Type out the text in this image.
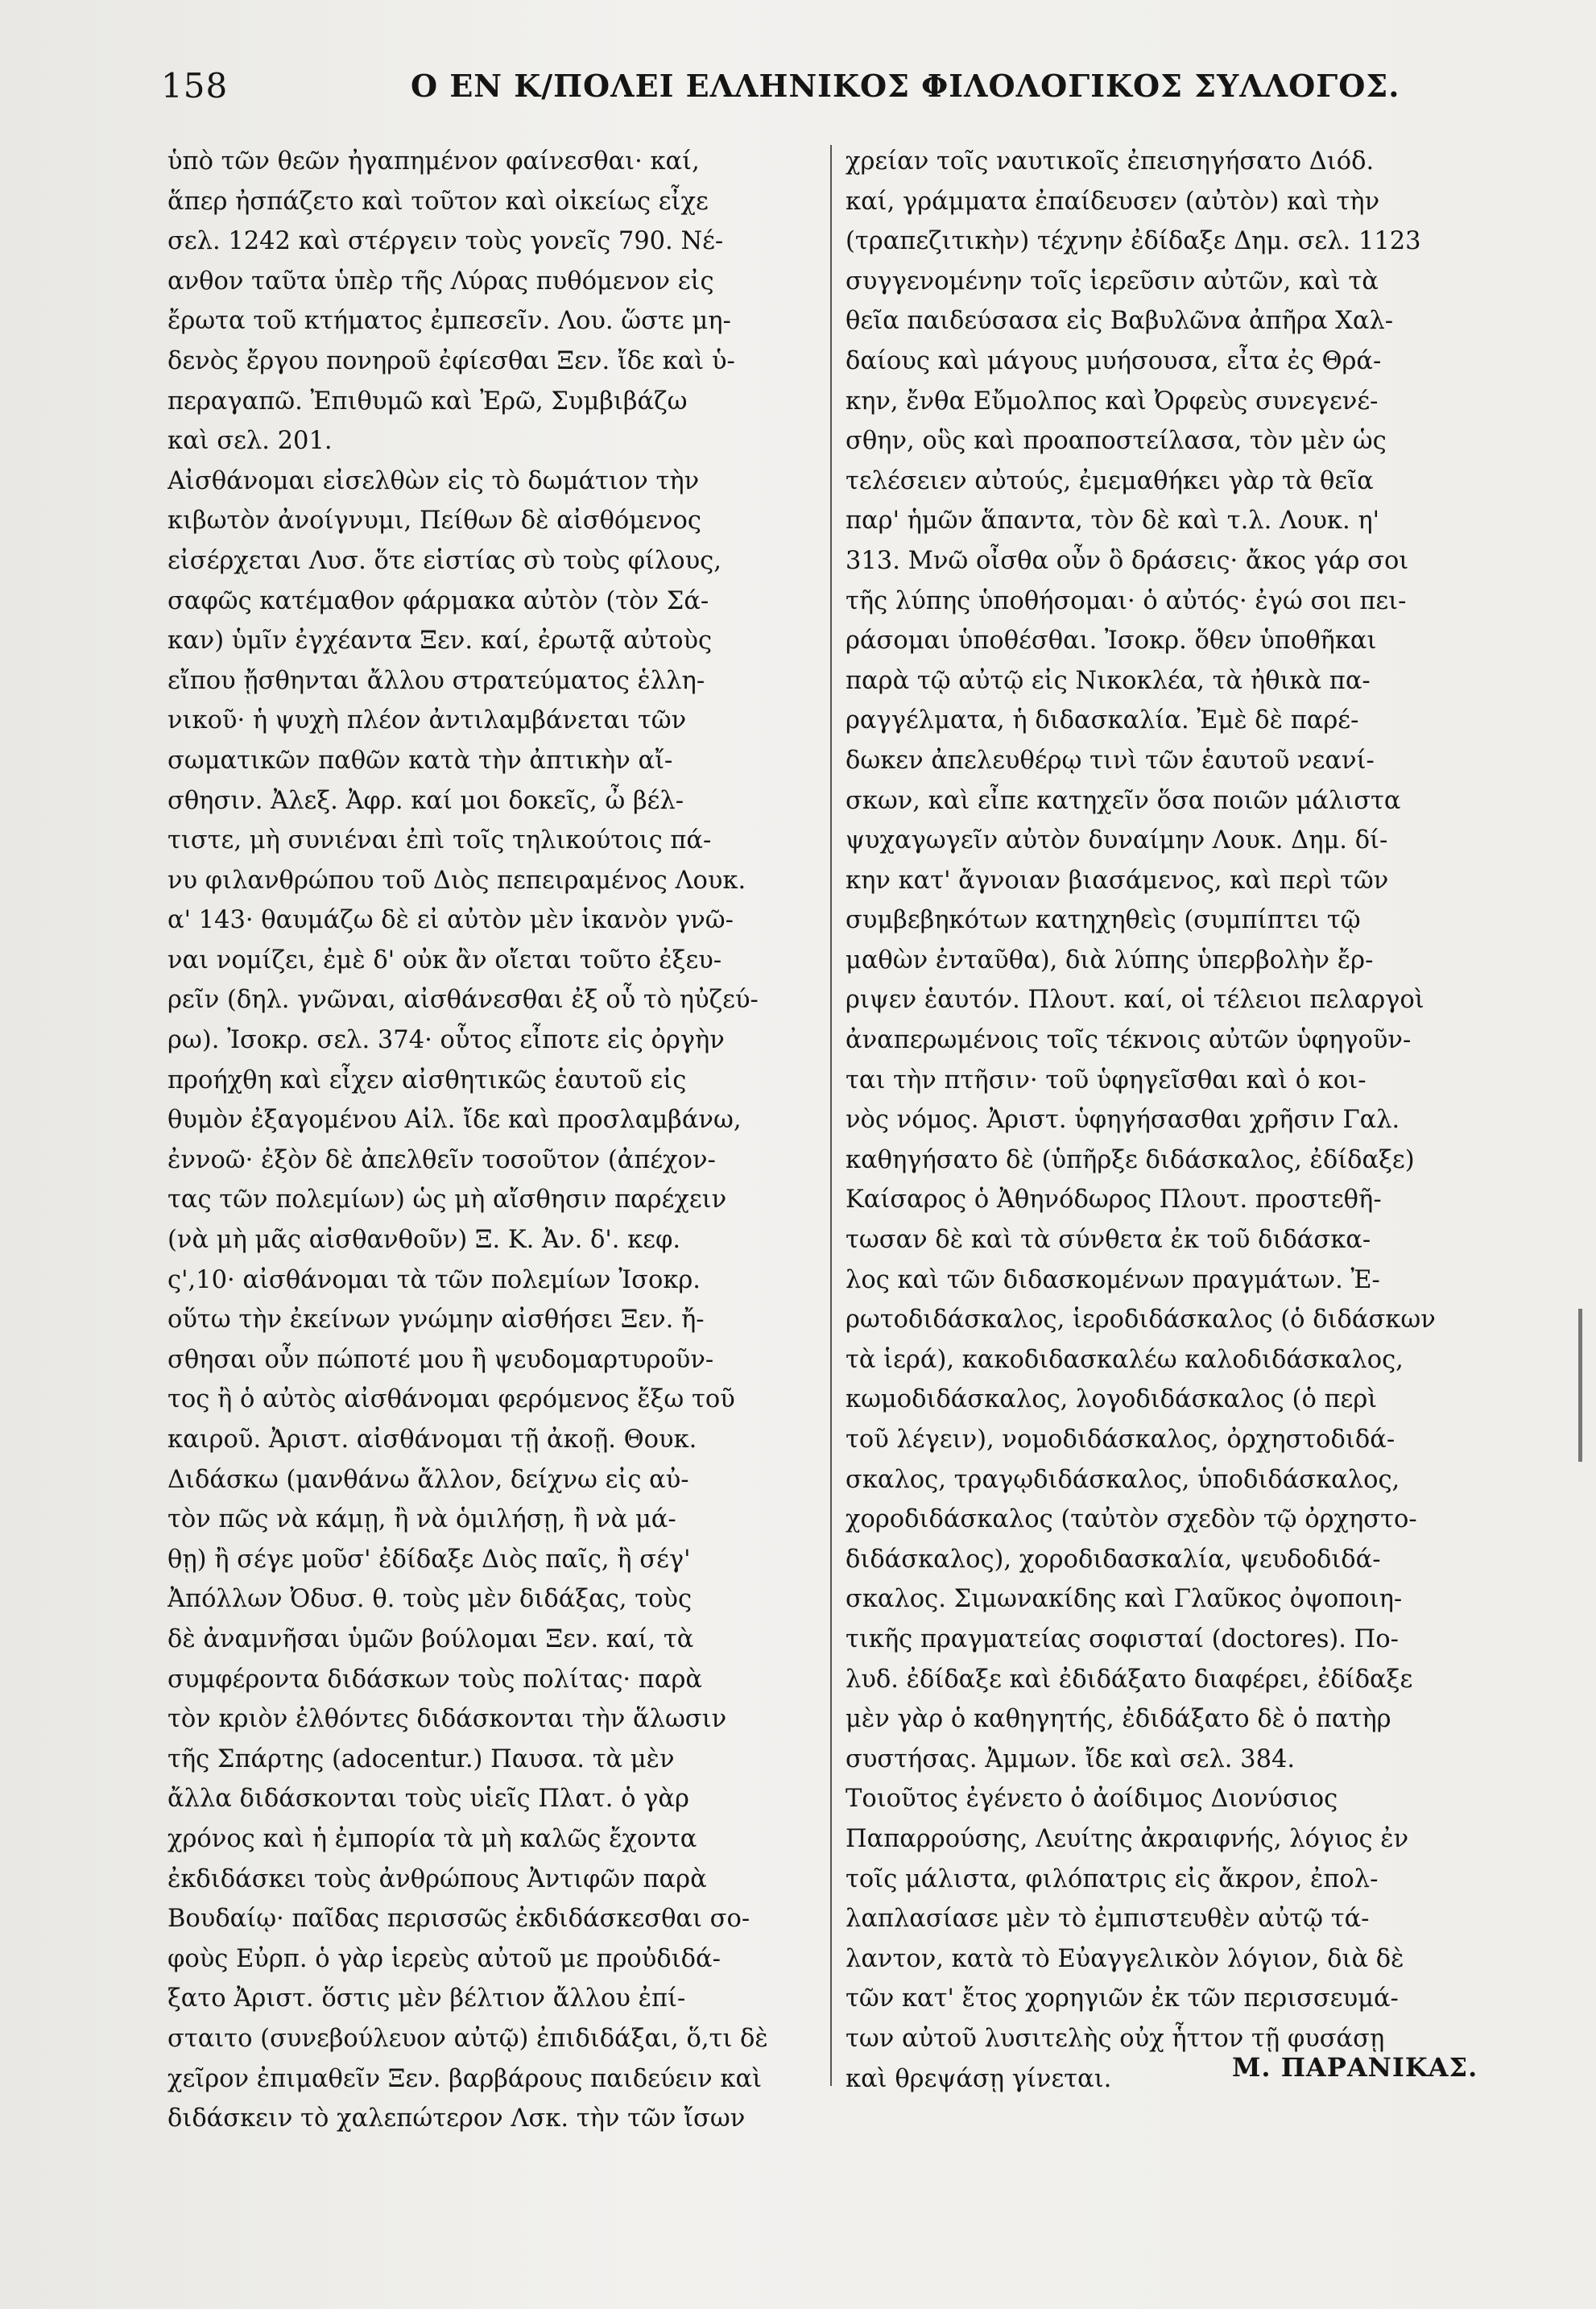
158	Ο ΕΝ Κ/ΠΟΛΕΙ ΕΛΛΗΝΙΚΟΣ ΦΙΛΟΛΟΓΙΚΟΣ ΣΥΛΛΟΓΟΣ.
ὑπὸ τῶν θεῶν ἠγαπημένον φαίνεσθαι· καί,
ἅπερ ἠσπάζετο καὶ τοῦτον καὶ οἰκείως εἶχε
σελ. 1242 καὶ στέργειν τοὺς γονεῖς 790. Νέ-
ανθον ταῦτα ὑπὲρ τῆς Λύρας πυθόμενον εἰς
ἔρωτα τοῦ κτήματος ἐμπεσεῖν. Λου. ὥστε μη-
δενὸς ἔργου πονηροῦ ἐφίεσθαι Ξεν. ἴδε καὶ ὑ-
περαγαπῶ. Ἐπιθυμῶ καὶ Ἐρῶ, Συμβιβάζω
καὶ σελ. 201.
Αἰσθάνομαι εἰσελθὼν εἰς τὸ δωμάτιον τὴν
κιβωτὸν ἀνοίγνυμι, Πείθων δὲ αἰσθόμενος
εἰσέρχεται Λυσ. ὅτε εἱστίας σὺ τοὺς φίλους,
σαφῶς κατέμαθον φάρμακα αὐτὸν (τὸν Σά-
καν) ὑμῖν ἐγχέαντα Ξεν. καί, ἐρωτᾷ αὐτοὺς
εἴπου ᾔσθηνται ἄλλου στρατεύματος ἑλλη-
νικοῦ· ἡ ψυχὴ πλέον ἀντιλαμβάνεται τῶν
σωματικῶν παθῶν κατὰ τὴν ἀπτικὴν αἴ-
σθησιν. Ἀλεξ. Ἀφρ. καί μοι δοκεῖς, ὦ βέλ-
τιστε, μὴ συνιέναι ἐπὶ τοῖς τηλικούτοις πά-
νυ φιλανθρώπου τοῦ Διὸς πεπειραμένος Λουκ.
α' 143· θαυμάζω δὲ εἰ αὐτὸν μὲν ἱκανὸν γνῶ-
ναι νομίζει, ἐμὲ δ' οὐκ ἂν οἴεται τοῦτο ἐξευ-
ρεῖν (δηλ. γνῶναι, αἰσθάνεσθαι ἐξ οὗ τὸ ηὐζεύ-
ρω). Ἰσοκρ. σελ. 374· οὗτος εἶποτε εἰς ὀργὴν
προήχθη καὶ εἶχεν αἰσθητικῶς ἑαυτοῦ εἰς
θυμὸν ἐξαγομένου Αἰλ. ἴδε καὶ προσλαμβάνω,
ἐννοῶ· ἐξὸν δὲ ἀπελθεῖν τοσοῦτον (ἀπέχον-
τας τῶν πολεμίων) ὡς μὴ αἴσθησιν παρέχειν
(νὰ μὴ μᾶς αἰσθανθοῦν) Ξ. Κ. Ἀν. δ'. κεφ.
ς',10· αἰσθάνομαι τὰ τῶν πολεμίων Ἰσοκρ.
οὕτω τὴν ἐκείνων γνώμην αἰσθήσει Ξεν. ἤ-
σθησαι οὖν πώποτέ μου ἢ ψευδομαρτυροῦν-
τος ἢ ὁ αὐτὸς αἰσθάνομαι φερόμενος ἔξω τοῦ
καιροῦ. Ἀριστ. αἰσθάνομαι τῇ ἀκοῇ. Θουκ.
Διδάσκω (μανθάνω ἄλλον, δείχνω εἰς αὐ-
τὸν πῶς νὰ κάμῃ, ἢ νὰ ὁμιλήσῃ, ἢ νὰ μά-
θῃ) ἢ σέγε μοῦσ' ἐδίδαξε Διὸς παῖς, ἢ σέγ'
Ἀπόλλων Ὀδυσ. θ. τοὺς μὲν διδάξας, τοὺς
δὲ ἀναμνῆσαι ὑμῶν βούλομαι Ξεν. καί, τὰ
συμφέροντα διδάσκων τοὺς πολίτας· παρὰ
τὸν κριὸν ἐλθόντες διδάσκονται τὴν ἅλωσιν
τῆς Σπάρτης (adocentur.) Παυσα. τὰ μὲν
ἄλλα διδάσκονται τοὺς υἱεῖς Πλατ. ὁ γὰρ
χρόνος καὶ ἡ ἐμπορία τὰ μὴ καλῶς ἔχοντα
ἐκδιδάσκει τοὺς ἀνθρώπους Ἀντιφῶν παρὰ
Βουδαίῳ· παῖδας περισσῶς ἐκδιδάσκεσθαι σο-
φοὺς Εὐρπ. ὁ γὰρ ἱερεὺς αὐτοῦ με προὐδιδά-
ξατο Ἀριστ. ὅστις μὲν βέλτιον ἄλλου ἐπί-
σταιτο (συνεβούλευον αὐτῷ) ἐπιδιδάξαι, ὅ,τι δὲ
χεῖρον ἐπιμαθεῖν Ξεν. βαρβάρους παιδεύειν καὶ
διδάσκειν τὸ χαλεπώτερον Λσκ. τὴν τῶν ἴσων
χρείαν τοῖς ναυτικοῖς ἐπεισηγήσατο Διόδ.
καί, γράμματα ἐπαίδευσεν (αὐτὸν) καὶ τὴν
(τραπεζιτικὴν) τέχνην ἐδίδαξε Δημ. σελ. 1123
συγγενομένην τοῖς ἱερεῦσιν αὐτῶν, καὶ τὰ
θεῖα παιδεύσασα εἰς Βαβυλῶνα ἀπῆρα Χαλ-
δαίους καὶ μάγους μυήσουσα, εἶτα ἐς Θρά-
κην, ἔνθα Εὔμολπος καὶ Ὀρφεὺς συνεγενέ-
σθην, οὓς καὶ προαποστείλασα, τὸν μὲν ὡς
τελέσειεν αὐτούς, ἐμεμαθήκει γὰρ τὰ θεῖα
παρ' ἡμῶν ἅπαντα, τὸν δὲ καὶ τ.λ. Λουκ. η'
313. Μνῶ οἶσθα οὖν ὃ δράσεις· ἄκος γάρ σοι
τῆς λύπης ὑποθήσομαι· ὁ αὐτός· ἐγώ σοι πει-
ράσομαι ὑποθέσθαι. Ἰσοκρ. ὅθεν ὑποθῆκαι
παρὰ τῷ αὐτῷ εἰς Νικοκλέα, τὰ ἠθικὰ πα-
ραγγέλματα, ἡ διδασκαλία. Ἐμὲ δὲ παρέ-
δωκεν ἀπελευθέρῳ τινὶ τῶν ἑαυτοῦ νεανί-
σκων, καὶ εἶπε κατηχεῖν ὅσα ποιῶν μάλιστα
ψυχαγωγεῖν αὐτὸν δυναίμην Λουκ. Δημ. δί-
κην κατ' ἄγνοιαν βιασάμενος, καὶ περὶ τῶν
συμβεβηκότων κατηχηθεὶς (συμπίπτει τῷ
μαθὼν ἐνταῦθα), διὰ λύπης ὑπερβολὴν ἔρ-
ριψεν ἑαυτόν. Πλουτ. καί, οἱ τέλειοι πελαργοὶ
ἀναπερωμένοις τοῖς τέκνοις αὐτῶν ὑφηγοῦν-
ται τὴν πτῆσιν· τοῦ ὑφηγεῖσθαι καὶ ὁ κοι-
νὸς νόμος. Ἀριστ. ὑφηγήσασθαι χρῆσιν Γαλ.
καθηγήσατο δὲ (ὑπῆρξε διδάσκαλος, ἐδίδαξε)
Καίσαρος ὁ Ἀθηνόδωρος Πλουτ. προστεθῆ-
τωσαν δὲ καὶ τὰ σύνθετα ἐκ τοῦ διδάσκα-
λος καὶ τῶν διδασκομένων πραγμάτων. Ἐ-
ρωτοδιδάσκαλος, ἱεροδιδάσκαλος (ὁ διδάσκων
τὰ ἱερά), κακοδιδασκαλέω καλοδιδάσκαλος,
κωμοδιδάσκαλος, λογοδιδάσκαλος (ὁ περὶ
τοῦ λέγειν), νομοδιδάσκαλος, ὀρχηστοδιδά-
σκαλος, τραγῳδιδάσκαλος, ὑποδιδάσκαλος,
χοροδιδάσκαλος (ταὐτὸν σχεδὸν τῷ ὀρχηστο-
διδάσκαλος), χοροδιδασκαλία, ψευδοδιδά-
σκαλος. Σιμωνακίδης καὶ Γλαῦκος ὀψοποιη-
τικῆς πραγματείας σοφισταί (doctores). Πο-
λυδ. ἐδίδαξε καὶ ἐδιδάξατο διαφέρει, ἐδίδαξε
μὲν γὰρ ὁ καθηγητής, ἐδιδάξατο δὲ ὁ πατὴρ
συστήσας. Ἀμμων. ἴδε καὶ σελ. 384.
Τοιοῦτος ἐγένετο ὁ ἀοίδιμος Διονύσιος
Παπαρρούσης, Λευίτης ἀκραιφνής, λόγιος ἐν
τοῖς μάλιστα, φιλόπατρις εἰς ἄκρον, ἐπολ-
λαπλασίασε μὲν τὸ ἐμπιστευθὲν αὐτῷ τά-
λαντον, κατὰ τὸ Εὐαγγελικὸν λόγιον, διὰ δὲ
τῶν κατ' ἔτος χορηγιῶν ἐκ τῶν περισσευμά-
των αὐτοῦ λυσιτελὴς οὐχ ἧττον τῇ φυσάσῃ
καὶ θρεψάσῃ γίνεται.	Μ. ΠΑΡΑΝΙΚΑΣ.
